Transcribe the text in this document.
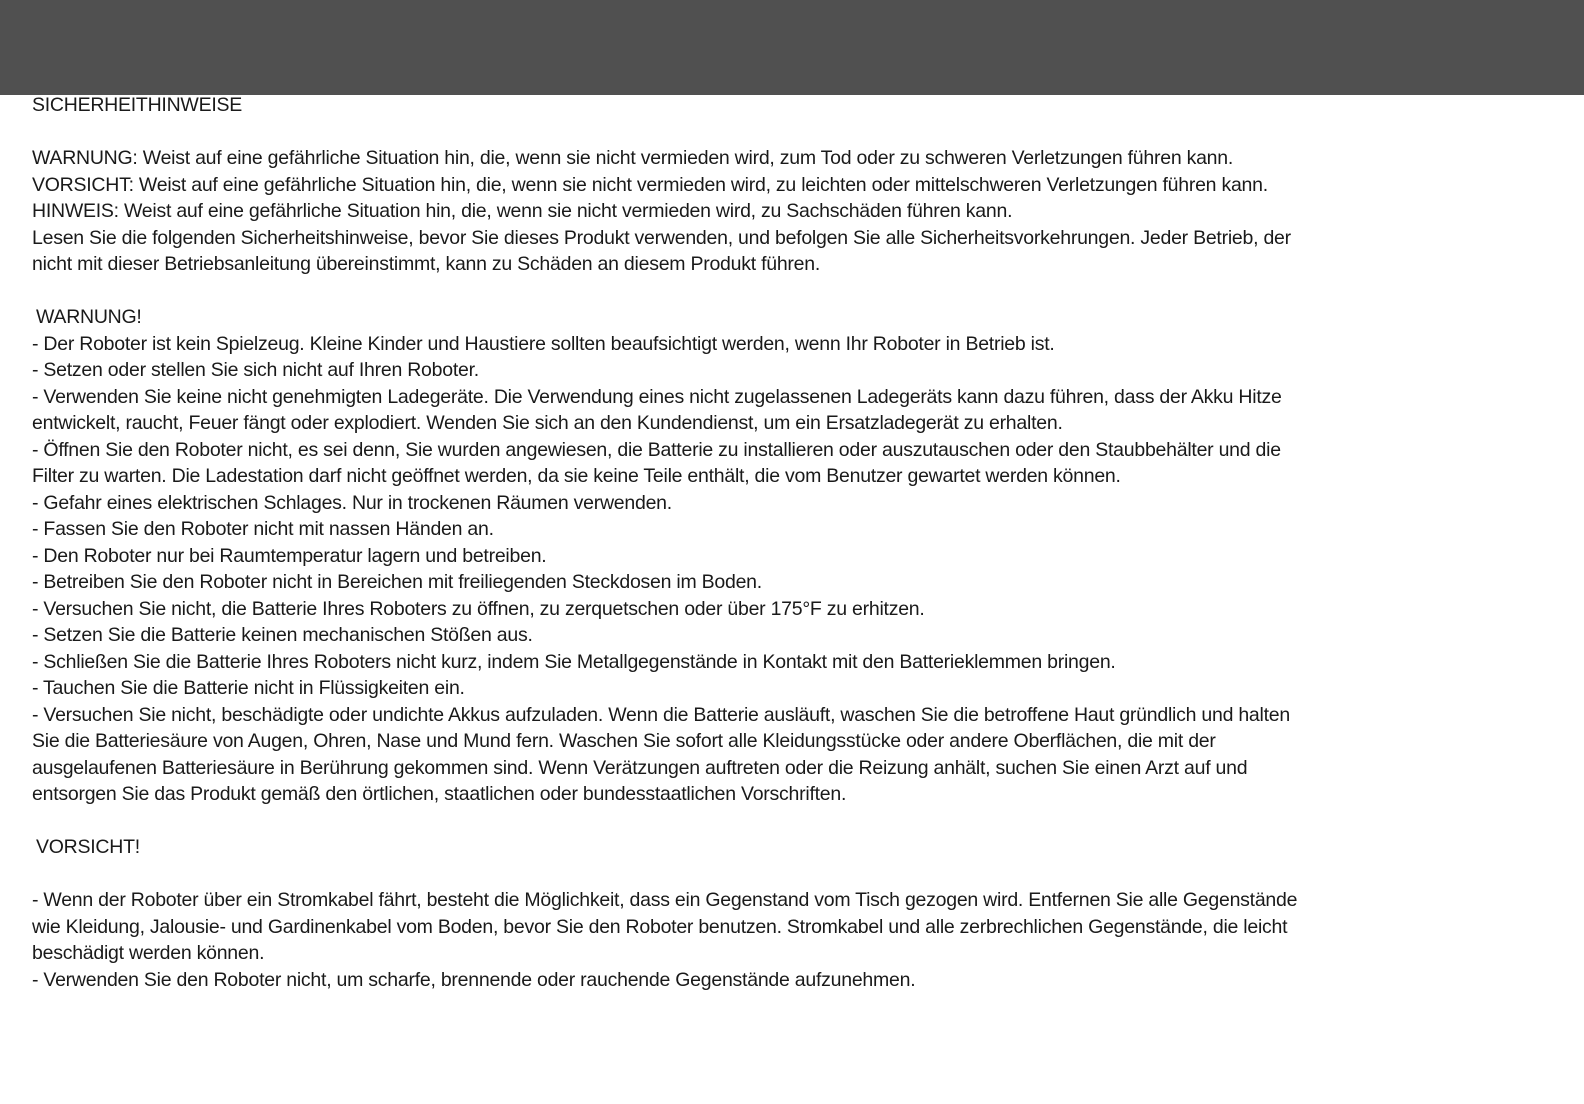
SICHERHEITHINWEISE
WARNUNG: Weist auf eine gefährliche Situation hin, die, wenn sie nicht vermieden wird, zum Tod oder zu schweren Verletzungen führen kann.
VORSICHT: Weist auf eine gefährliche Situation hin, die, wenn sie nicht vermieden wird, zu leichten oder mittelschweren Verletzungen führen kann.
HINWEIS: Weist auf eine gefährliche Situation hin, die, wenn sie nicht vermieden wird, zu Sachschäden führen kann.
Lesen Sie die folgenden Sicherheitshinweise, bevor Sie dieses Produkt verwenden, und befolgen Sie alle Sicherheitsvorkehrungen. Jeder Betrieb, der
nicht mit dieser Betriebsanleitung übereinstimmt, kann zu Schäden an diesem Produkt führen.
WARNUNG!
- Der Roboter ist kein Spielzeug. Kleine Kinder und Haustiere sollten beaufsichtigt werden, wenn Ihr Roboter in Betrieb ist.
- Setzen oder stellen Sie sich nicht auf Ihren Roboter.
- Verwenden Sie keine nicht genehmigten Ladegeräte. Die Verwendung eines nicht zugelassenen Ladegeräts kann dazu führen, dass der Akku Hitze
entwickelt, raucht, Feuer fängt oder explodiert. Wenden Sie sich an den Kundendienst, um ein Ersatzladegerät zu erhalten.
- Öffnen Sie den Roboter nicht, es sei denn, Sie wurden angewiesen, die Batterie zu installieren oder auszutauschen oder den Staubbehälter und die
Filter zu warten. Die Ladestation darf nicht geöffnet werden, da sie keine Teile enthält, die vom Benutzer gewartet werden können.
- Gefahr eines elektrischen Schlages. Nur in trockenen Räumen verwenden.
- Fassen Sie den Roboter nicht mit nassen Händen an.
- Den Roboter nur bei Raumtemperatur lagern und betreiben.
- Betreiben Sie den Roboter nicht in Bereichen mit freiliegenden Steckdosen im Boden.
- Versuchen Sie nicht, die Batterie Ihres Roboters zu öffnen, zu zerquetschen oder über 175°F zu erhitzen.
- Setzen Sie die Batterie keinen mechanischen Stößen aus.
- Schließen Sie die Batterie Ihres Roboters nicht kurz, indem Sie Metallgegenstände in Kontakt mit den Batterieklemmen bringen.
- Tauchen Sie die Batterie nicht in Flüssigkeiten ein.
- Versuchen Sie nicht, beschädigte oder undichte Akkus aufzuladen. Wenn die Batterie ausläuft, waschen Sie die betroffene Haut gründlich und halten
Sie die Batteriesäure von Augen, Ohren, Nase und Mund fern. Waschen Sie sofort alle Kleidungsstücke oder andere Oberflächen, die mit der
ausgelaufenen Batteriesäure in Berührung gekommen sind. Wenn Verätzungen auftreten oder die Reizung anhält, suchen Sie einen Arzt auf und
entsorgen Sie das Produkt gemäß den örtlichen, staatlichen oder bundesstaatlichen Vorschriften.
VORSICHT!
- Wenn der Roboter über ein Stromkabel fährt, besteht die Möglichkeit, dass ein Gegenstand vom Tisch gezogen wird. Entfernen Sie alle Gegenstände
wie Kleidung, Jalousie- und Gardinenkabel vom Boden, bevor Sie den Roboter benutzen. Stromkabel und alle zerbrechlichen Gegenstände, die leicht
beschädigt werden können.
- Verwenden Sie den Roboter nicht, um scharfe, brennende oder rauchende Gegenstände aufzunehmen.
